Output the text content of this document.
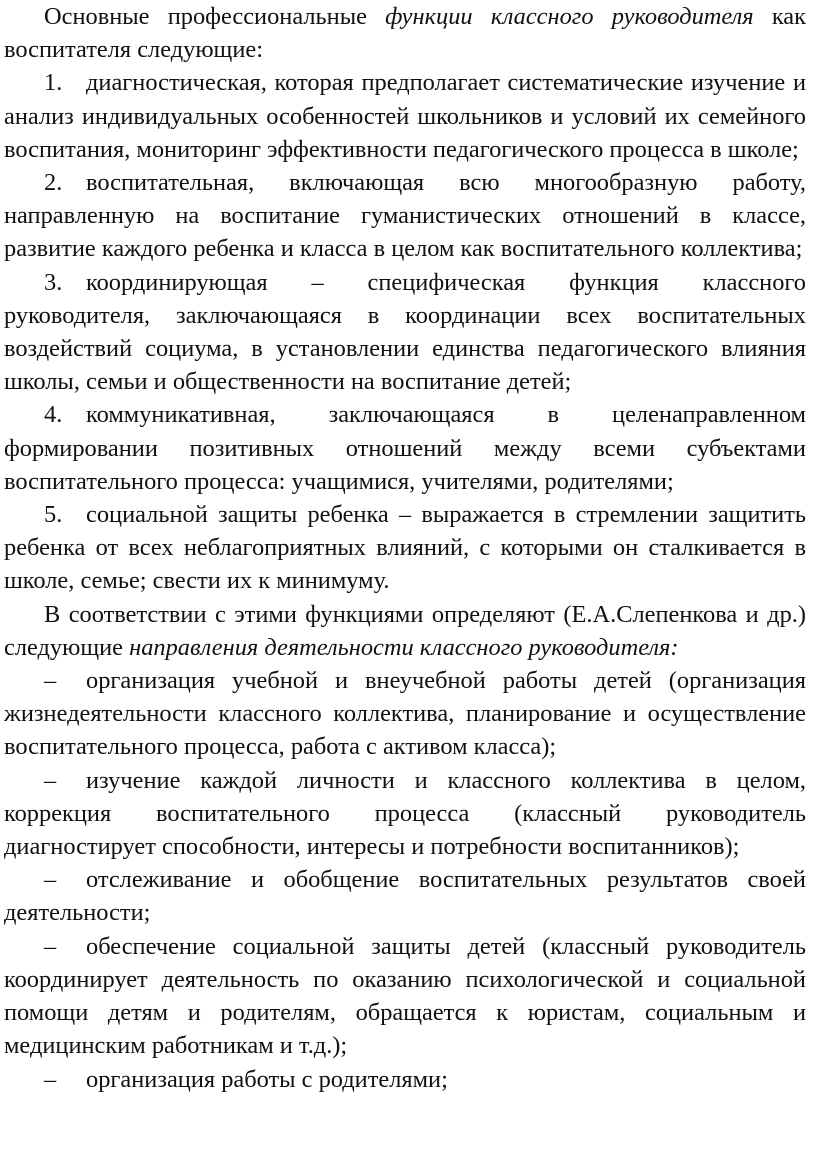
Основные профессиональные функции классного руководителя как воспитателя следующие:

1. диагностическая, которая предполагает систематические изучение и анализ индивидуальных особенностей школьников и условий их семейного воспитания, мониторинг эффективности педагогического процесса в школе;

2. воспитательная, включающая всю многообразную работу, направленную на воспитание гуманистических отношений в классе, развитие каждого ребенка и класса в целом как воспитательного коллектива;

3. координирующая – специфическая функция классного руководителя, заключающаяся в координации всех воспитательных воздействий социума, в установлении единства педагогического влияния школы, семьи и общественности на воспитание детей;

4. коммуникативная, заключающаяся в целенаправленном формировании позитивных отношений между всеми субъектами воспитательного процесса: учащимися, учителями, родителями;

5. социальной защиты ребенка – выражается в стремлении защитить ребенка от всех неблагоприятных влияний, с которыми он сталкивается в школе, семье; свести их к минимуму.

В соответствии с этими функциями определяют (Е.А.Слепенкова и др.) следующие направления деятельности классного руководителя:

– организация учебной и внеучебной работы детей (организация жизнедеятельности классного коллектива, планирование и осуществление воспитательного процесса, работа с активом класса);

– изучение каждой личности и классного коллектива в целом, коррекция воспитательного процесса (классный руководитель диагностирует способности, интересы и потребности воспитанников);

– отслеживание и обобщение воспитательных результатов своей деятельности;

– обеспечение социальной защиты детей (классный руководитель координирует деятельность по оказанию психологической и социальной помощи детям и родителям, обращается к юристам, социальным и медицинским работникам и т.д.);

– организация работы с родителями;
